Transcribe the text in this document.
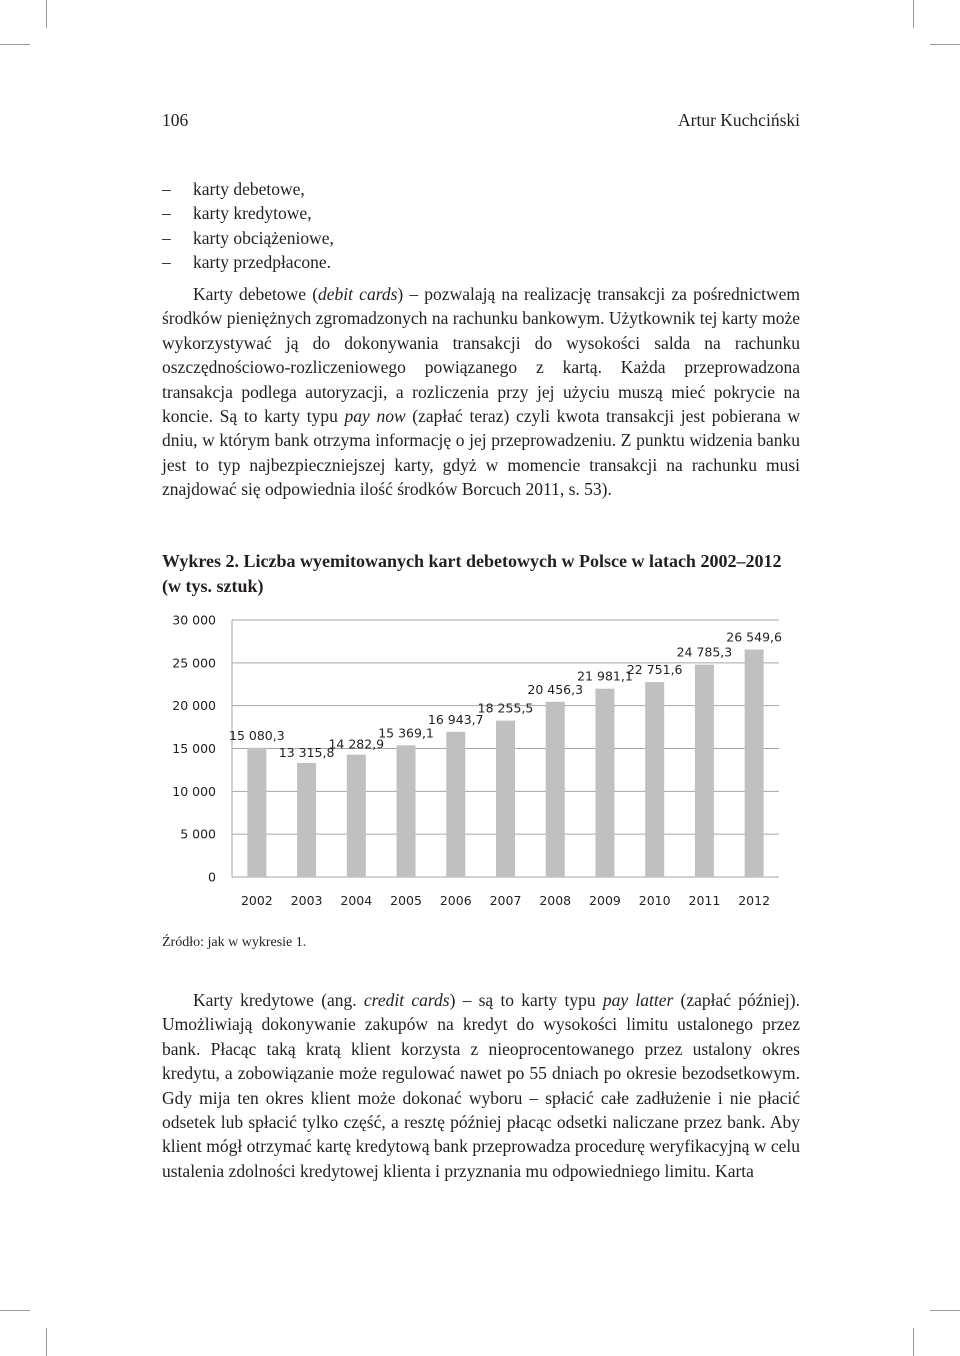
106	Artur Kuchciński
– karty debetowe,
– karty kredytowe,
– karty obciążeniowe,
– karty przedpłacone.

Karty debetowe (debit cards) – pozwalają na realizację transakcji za pośrednictwem środków pieniężnych zgromadzonych na rachunku bankowym. Użytkownik tej karty może wykorzystywać ją do dokonywania transakcji do wysokości salda na rachunku oszczędnościowo-rozliczeniowego powiązanego z kartą. Każda przeprowadzona transakcja podlega autoryzacji, a rozliczenia przy jej użyciu muszą mieć pokrycie na koncie. Są to karty typu pay now (zapłać teraz) czyli kwota transakcji jest pobierana w dniu, w którym bank otrzyma informację o jej przeprowadzeniu. Z punktu widzenia banku jest to typ najbezpieczniejszej karty, gdyż w momencie transakcji na rachunku musi znajdować się odpowiednia ilość środków Borcuch 2011, s. 53).

Wykres 2. Liczba wyemitowanych kart debetowych w Polsce w latach 2002–2012 (w tys. sztuk)
0
5 000
10 000
15 000
20 000
25 000
30 000
2002
15 080,3
2003
13 315,8
2004
14 282,9
2005
15 369,1
2006
16 943,7
2007
18 255,5
2008
20 456,3
2009
21 981,1
2010
22 751,6
2011
24 785,3
2012
26 549,6
Źródło: jak w wykresie 1.

Karty kredytowe (ang. credit cards) – są to karty typu pay latter (zapłać później). Umożliwiają dokonywanie zakupów na kredyt do wysokości limitu ustalonego przez bank. Płacąc taką kratą klient korzysta z nieoprocentowanego przez ustalony okres kredytu, a zobowiązanie może regulować nawet po 55 dniach po okresie bezodsetkowym. Gdy mija ten okres klient może dokonać wyboru – spłacić całe zadłużenie i nie płacić odsetek lub spłacić tylko część, a resztę później płacąc odsetki naliczane przez bank. Aby klient mógł otrzymać kartę kredytową bank przeprowadza procedurę weryfikacyjną w celu ustalenia zdolności kredytowej klienta i przyznania mu odpowiedniego limitu. Karta
